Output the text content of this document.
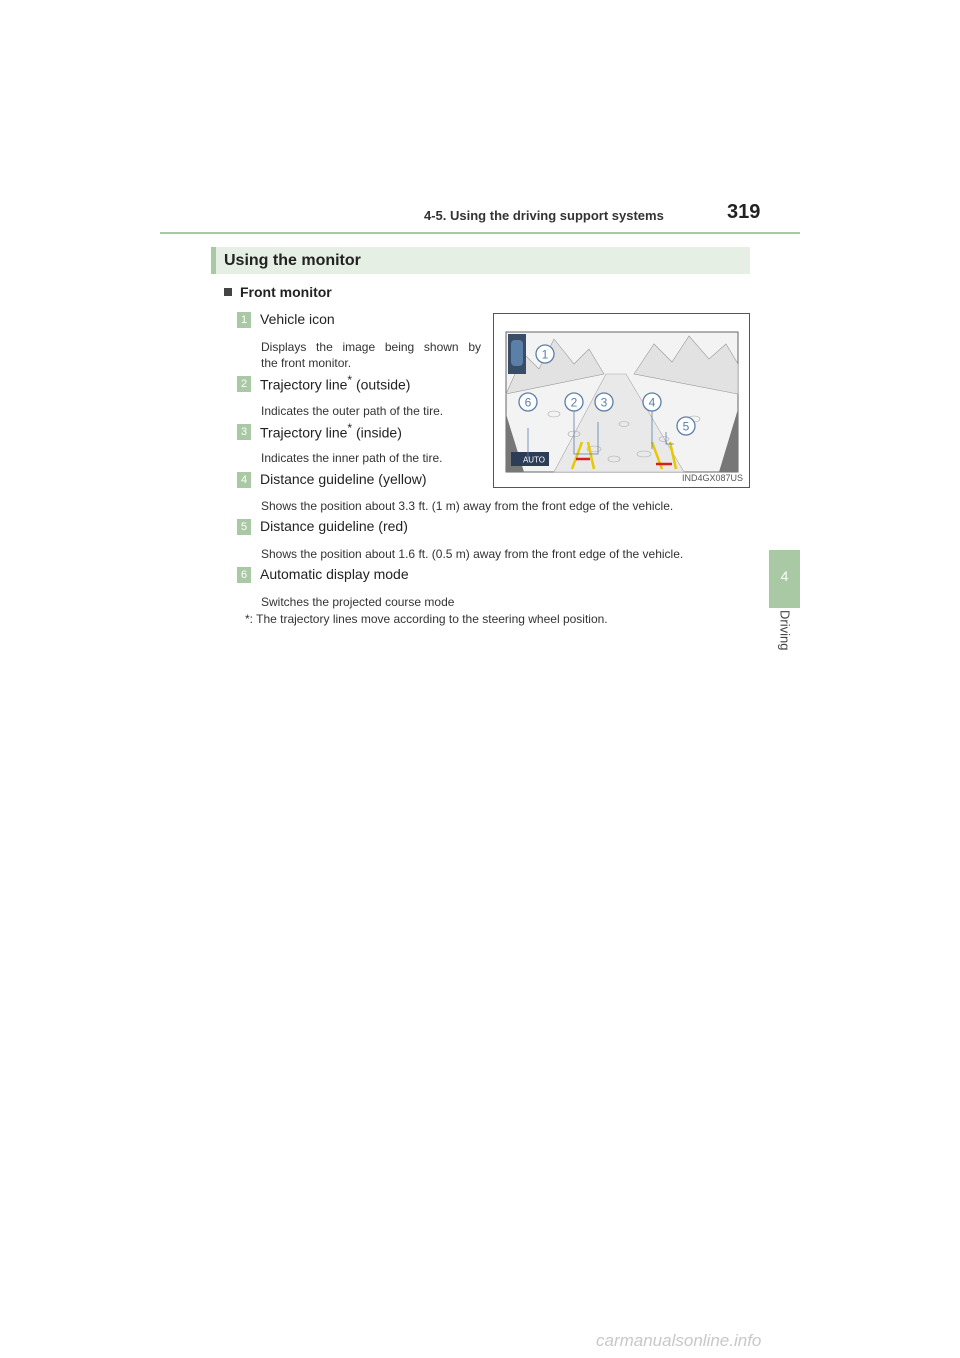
4-5. Using the driving support systems	319
4
Driving
Using the monitor
Front monitor
1 Vehicle icon
Displays the image being shown by
the front monitor.
2 Trajectory line* (outside)
Indicates the outer path of the tire.
3 Trajectory line* (inside)
Indicates the inner path of the tire.
4 Distance guideline (yellow)
Shows the position about 3.3 ft. (1 m) away from the front edge of the vehicle.
5 Distance guideline (red)
Shows the position about 1.6 ft. (0.5 m) away from the front edge of the vehicle.
6 Automatic display mode
Switches the projected course mode
*: The trajectory lines move according to the steering wheel position.
AUTO
1
2 3	4
5
6
IND4GX087US
carmanualsonline.info
